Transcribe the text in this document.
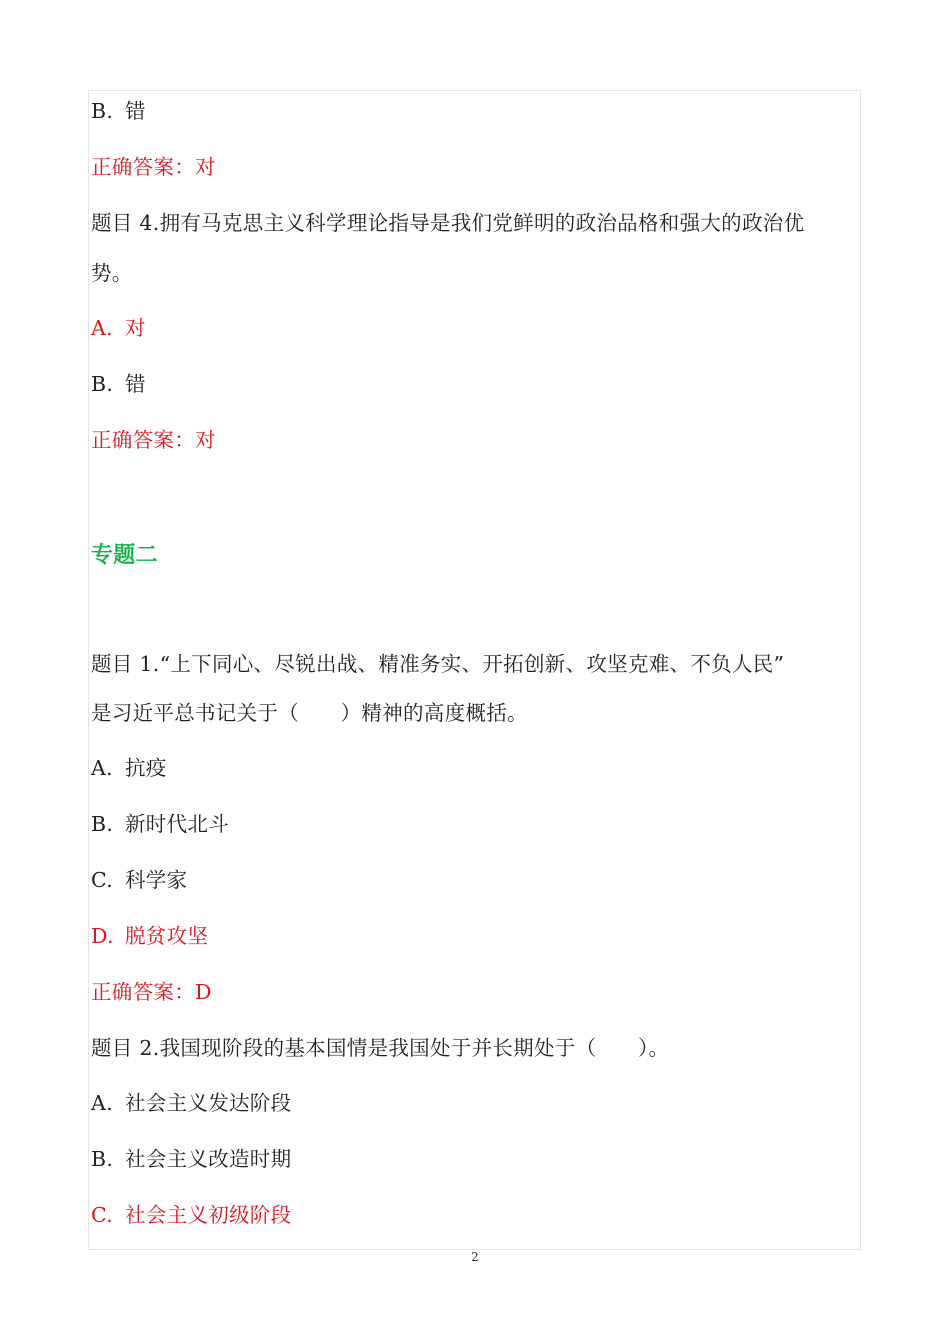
B. 错
正确答案：对
题目 4.拥有马克思主义科学理论指导是我们党鲜明的政治品格和强大的政治优
势。
A. 对
B. 错
正确答案：对
专题二
题目 1.“上下同心、尽锐出战、精准务实、开拓创新、攻坚克难、不负人民”
是习近平总书记关于（　　）精神的高度概括。
A. 抗疫
B. 新时代北斗
C. 科学家
D. 脱贫攻坚
正确答案：D
题目 2.我国现阶段的基本国情是我国处于并长期处于（　　）。
A. 社会主义发达阶段
B. 社会主义改造时期
C. 社会主义初级阶段
2
